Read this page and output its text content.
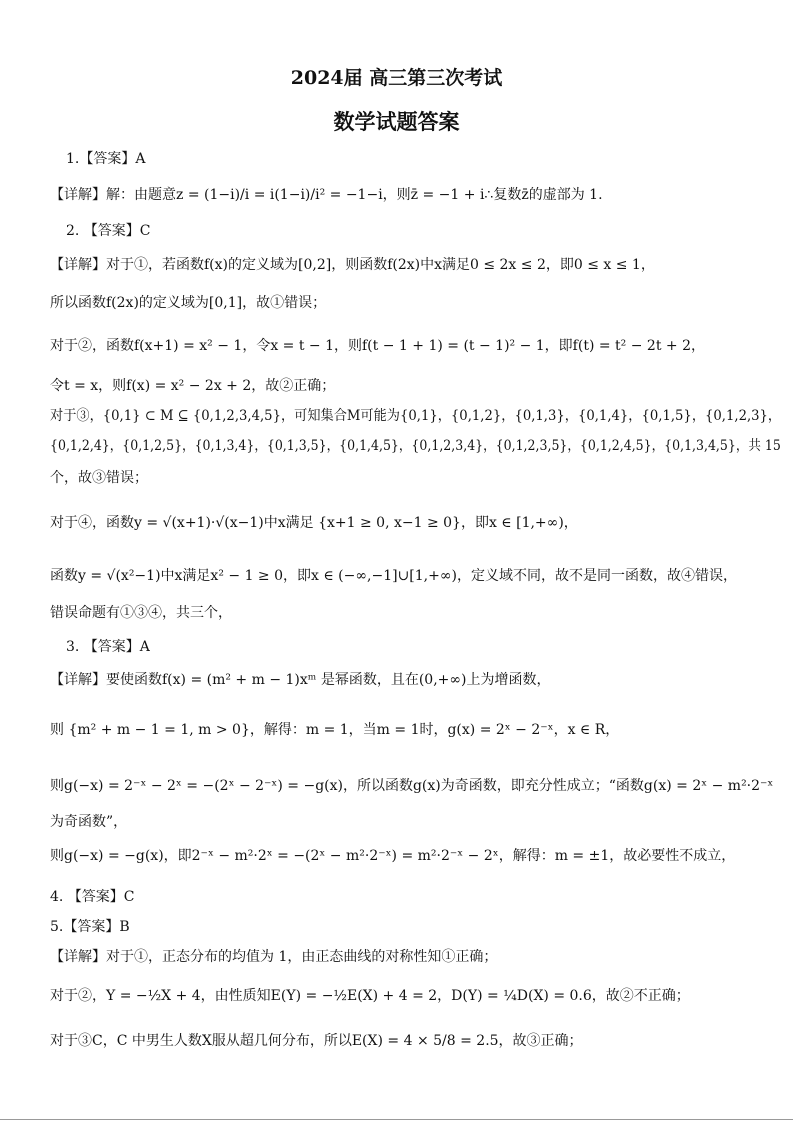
2024届 高三第三次考试
数学试题答案
1.【答案】A
【详解】解：由题意z = (1−i)/i = i(1−i)/i² = −1−i，则z̄ = −1 + i∴复数z̄的虚部为 1.
2. 【答案】C
【详解】对于①，若函数f(x)的定义域为[0,2]，则函数f(2x)中x满足0 ≤ 2x ≤ 2，即0 ≤ x ≤ 1，
所以函数f(2x)的定义域为[0,1]，故①错误；
对于②，函数f(x+1) = x² − 1，令x = t − 1，则f(t − 1 + 1) = (t − 1)² − 1，即f(t) = t² − 2t + 2，
令t = x，则f(x) = x² − 2x + 2，故②正确；
对于③，{0,1} ⊂ M ⊆ {0,1,2,3,4,5}，可知集合M可能为{0,1}，{0,1,2}，{0,1,3}，{0,1,4}，{0,1,5}，{0,1,2,3}，
{0,1,2,4}，{0,1,2,5}，{0,1,3,4}，{0,1,3,5}，{0,1,4,5}，{0,1,2,3,4}，{0,1,2,3,5}，{0,1,2,4,5}，{0,1,3,4,5}，共 15
个，故③错误；
对于④，函数y = √(x+1)·√(x−1)中x满足 {x+1 ≥ 0, x−1 ≥ 0}，即x ∈ [1,+∞)，
函数y = √(x²−1)中x满足x² − 1 ≥ 0，即x ∈ (−∞,−1]∪[1,+∞)，定义域不同，故不是同一函数，故④错误，
错误命题有①③④，共三个，
3. 【答案】A
【详解】要使函数f(x) = (m² + m − 1)xᵐ 是幂函数，且在(0,+∞)上为增函数，
则 {m² + m − 1 = 1, m > 0}，解得：m = 1，当m = 1时，g(x) = 2ˣ − 2⁻ˣ，x ∈ R，
则g(−x) = 2⁻ˣ − 2ˣ = −(2ˣ − 2⁻ˣ) = −g(x)，所以函数g(x)为奇函数，即充分性成立；“函数g(x) = 2ˣ − m²·2⁻ˣ
为奇函数”，
则g(−x) = −g(x)，即2⁻ˣ − m²·2ˣ = −(2ˣ − m²·2⁻ˣ) = m²·2⁻ˣ − 2ˣ，解得：m = ±1，故必要性不成立，
4. 【答案】C
5.【答案】B
【详解】对于①，正态分布的均值为 1，由正态曲线的对称性知①正确；
对于②，Y = −½X + 4，由性质知E(Y) = −½E(X) + 4 = 2，D(Y) = ¼D(X) = 0.6，故②不正确；
对于③C，C 中男生人数X服从超几何分布，所以E(X) = 4 × 5/8 = 2.5，故③正确；
